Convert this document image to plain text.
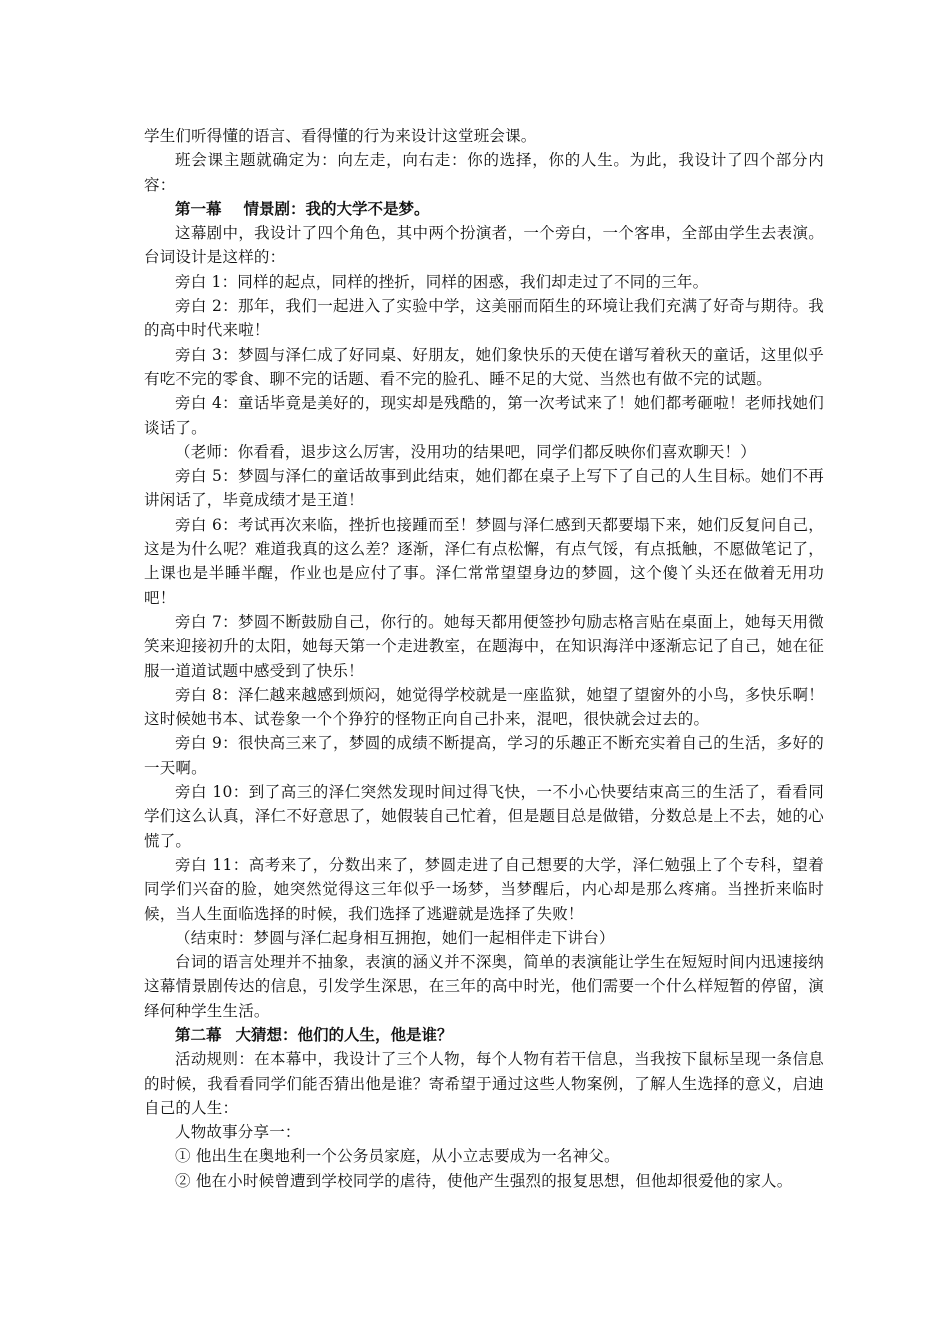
学生们听得懂的语言、看得懂的行为来设计这堂班会课。

班会课主题就确定为：向左走，向右走：你的选择，你的人生。为此，我设计了四个部分内容：

第一幕 情景剧：我的大学不是梦。

这幕剧中，我设计了四个角色，其中两个扮演者，一个旁白，一个客串，全部由学生去表演。台词设计是这样的：

旁白 1：同样的起点，同样的挫折，同样的困惑，我们却走过了不同的三年。

旁白 2：那年，我们一起进入了实验中学，这美丽而陌生的环境让我们充满了好奇与期待。我的高中时代来啦！

旁白 3：梦圆与泽仁成了好同桌、好朋友，她们象快乐的天使在谱写着秋天的童话，这里似乎有吃不完的零食、聊不完的话题、看不完的脸孔、睡不足的大觉、当然也有做不完的试题。

旁白 4：童话毕竟是美好的，现实却是残酷的，第一次考试来了！她们都考砸啦！老师找她们谈话了。

（老师：你看看，退步这么厉害，没用功的结果吧，同学们都反映你们喜欢聊天！）

旁白 5：梦圆与泽仁的童话故事到此结束，她们都在桌子上写下了自己的人生目标。她们不再讲闲话了，毕竟成绩才是王道！

旁白 6：考试再次来临，挫折也接踵而至！梦圆与泽仁感到天都要塌下来，她们反复问自己，这是为什么呢？难道我真的这么差？逐渐，泽仁有点松懈，有点气馁，有点抵触，不愿做笔记了，上课也是半睡半醒，作业也是应付了事。泽仁常常望望身边的梦圆，这个傻丫头还在做着无用功吧！

旁白 7：梦圆不断鼓励自己，你行的。她每天都用便签抄句励志格言贴在桌面上，她每天用微笑来迎接初升的太阳，她每天第一个走进教室，在题海中，在知识海洋中逐渐忘记了自己，她在征服一道道试题中感受到了快乐！

旁白 8：泽仁越来越感到烦闷，她觉得学校就是一座监狱，她望了望窗外的小鸟，多快乐啊！这时候她书本、试卷象一个个狰狞的怪物正向自己扑来，混吧，很快就会过去的。

旁白 9：很快高三来了，梦圆的成绩不断提高，学习的乐趣正不断充实着自己的生活，多好的一天啊。

旁白 10：到了高三的泽仁突然发现时间过得飞快，一不小心快要结束高三的生活了，看看同学们这么认真，泽仁不好意思了，她假装自己忙着，但是题目总是做错，分数总是上不去，她的心慌了。

旁白 11：高考来了，分数出来了，梦圆走进了自己想要的大学，泽仁勉强上了个专科，望着同学们兴奋的脸，她突然觉得这三年似乎一场梦，当梦醒后，内心却是那么疼痛。当挫折来临时候，当人生面临选择的时候，我们选择了逃避就是选择了失败！

（结束时：梦圆与泽仁起身相互拥抱，她们一起相伴走下讲台）

台词的语言处理并不抽象，表演的涵义并不深奥，简单的表演能让学生在短短时间内迅速接纳这幕情景剧传达的信息，引发学生深思，在三年的高中时光，他们需要一个什么样短暂的停留，演绎何种学生生活。

第二幕 大猜想：他们的人生，他是谁？

活动规则：在本幕中，我设计了三个人物，每个人物有若干信息，当我按下鼠标呈现一条信息的时候，我看看同学们能否猜出他是谁？寄希望于通过这些人物案例，了解人生选择的意义，启迪自己的人生：

人物故事分享一：

① 他出生在奥地利一个公务员家庭，从小立志要成为一名神父。

② 他在小时候曾遭到学校同学的虐待，使他产生强烈的报复思想，但他却很爱他的家人。
